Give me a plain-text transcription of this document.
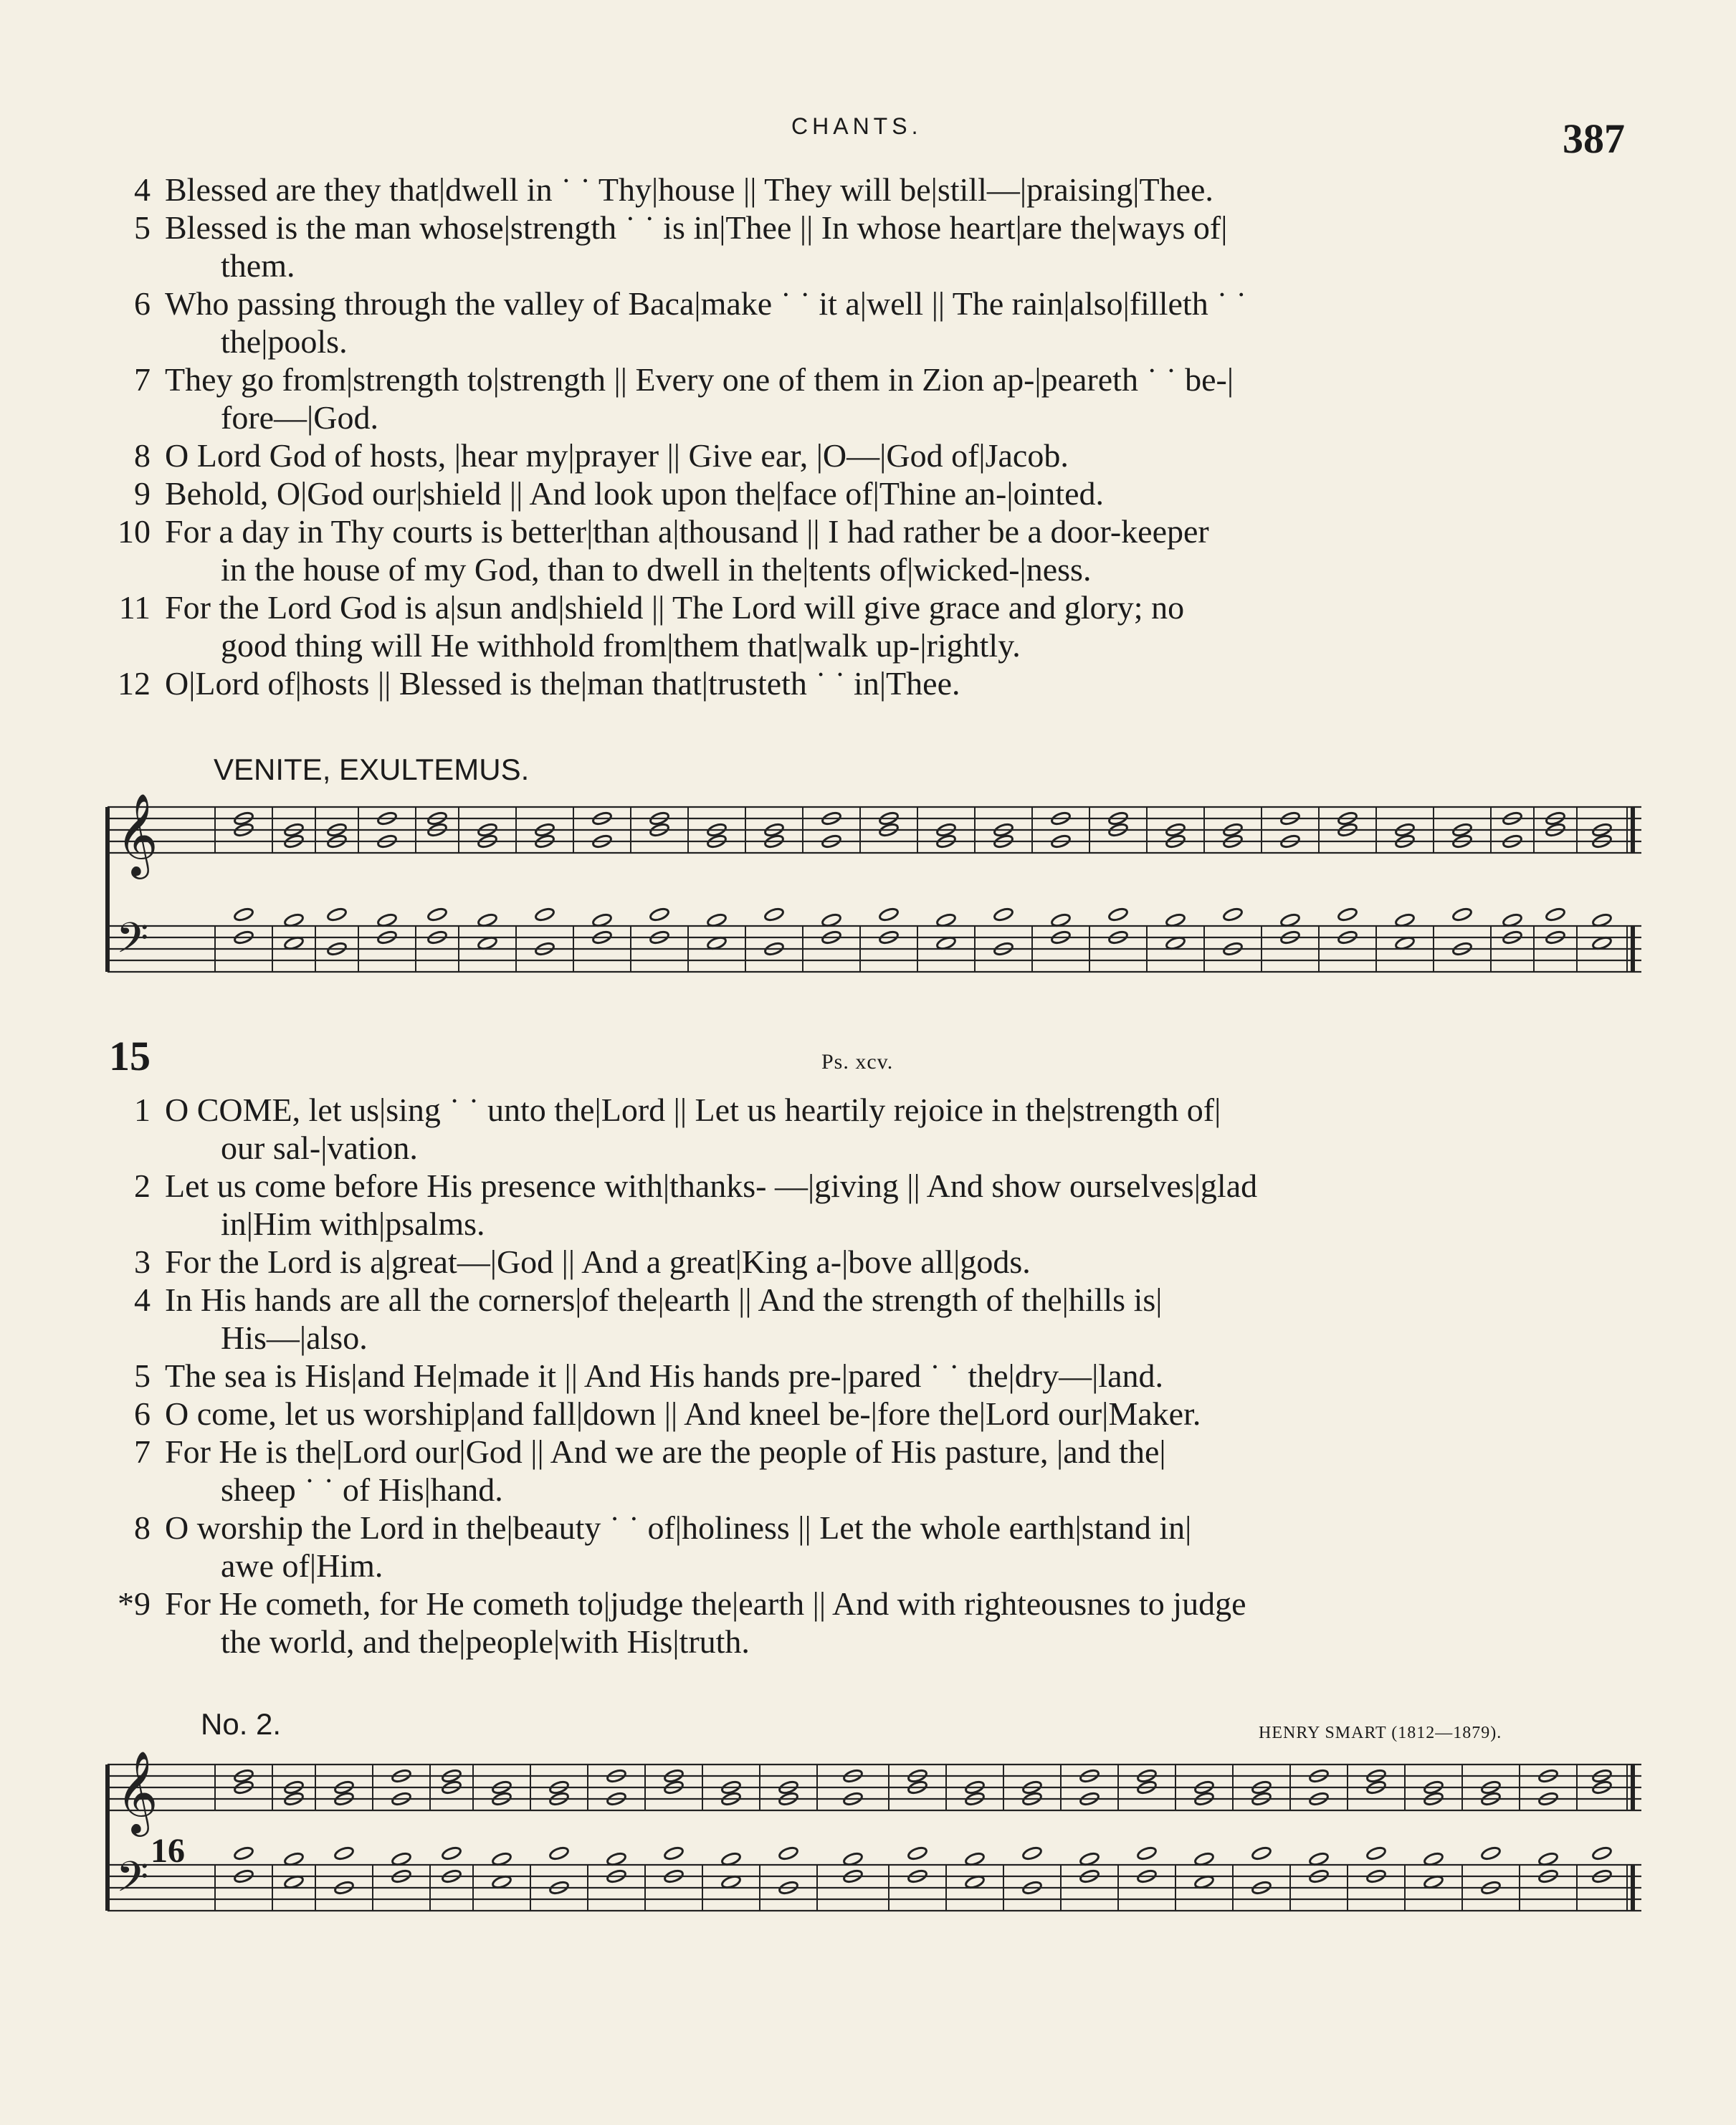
CHANTS.	387
4 Blessed are they that|dwell in ˙ ˙ Thy|house || They will be|still—|praising|Thee.
5 Blessed is the man whose|strength ˙ ˙ is in|Thee || In whose heart|are the|ways of|
them.
6 Who passing through the valley of Baca|make ˙ ˙ it a|well || The rain|also|filleth ˙ ˙
the|pools.
7 They go from|strength to|strength || Every one of them in Zion ap-|peareth ˙ ˙ be-|
fore—|God.
8 O Lord God of hosts, |hear my|prayer || Give ear, |O—|God of|Jacob.
9 Behold, O|God our|shield || And look upon the|face of|Thine an-|ointed.
10 For a day in Thy courts is better|than a|thousand || I had rather be a door-keeper
in the house of my God, than to dwell in the|tents of|wicked-|ness.
11 For the Lord God is a|sun and|shield || The Lord will give grace and glory; no
good thing will He withhold from|them that|walk up-|rightly.
12 O|Lord of|hosts || Blessed is the|man that|trusteth ˙ ˙ in|Thee.
VENITE, EXULTEMUS.
𝄞
𝄢
15	Ps. xcv.
1 O COME, let us|sing ˙ ˙ unto the|Lord || Let us heartily rejoice in the|strength of|
our sal-|vation.
2 Let us come before His presence with|thanks- —|giving || And show ourselves|glad
in|Him with|psalms.
3 For the Lord is a|great—|God || And a great|King a-|bove all|gods.
4 In His hands are all the corners|of the|earth || And the strength of the|hills is|
His—|also.
5 The sea is His|and He|made it || And His hands pre-|pared ˙ ˙ the|dry—|land.
6 O come, let us worship|and fall|down || And kneel be-|fore the|Lord our|Maker.
7 For He is the|Lord our|God || And we are the people of His pasture, |and the|
sheep ˙ ˙ of His|hand.
8 O worship the Lord in the|beauty ˙ ˙ of|holiness || Let the whole earth|stand in|
awe of|Him.
*9 For He cometh, for He cometh to|judge the|earth || And with righteousnes to judge
the world, and the|people|with His|truth.
No. 2.	HENRY SMART (1812—1879).
𝄞
𝄢
16
